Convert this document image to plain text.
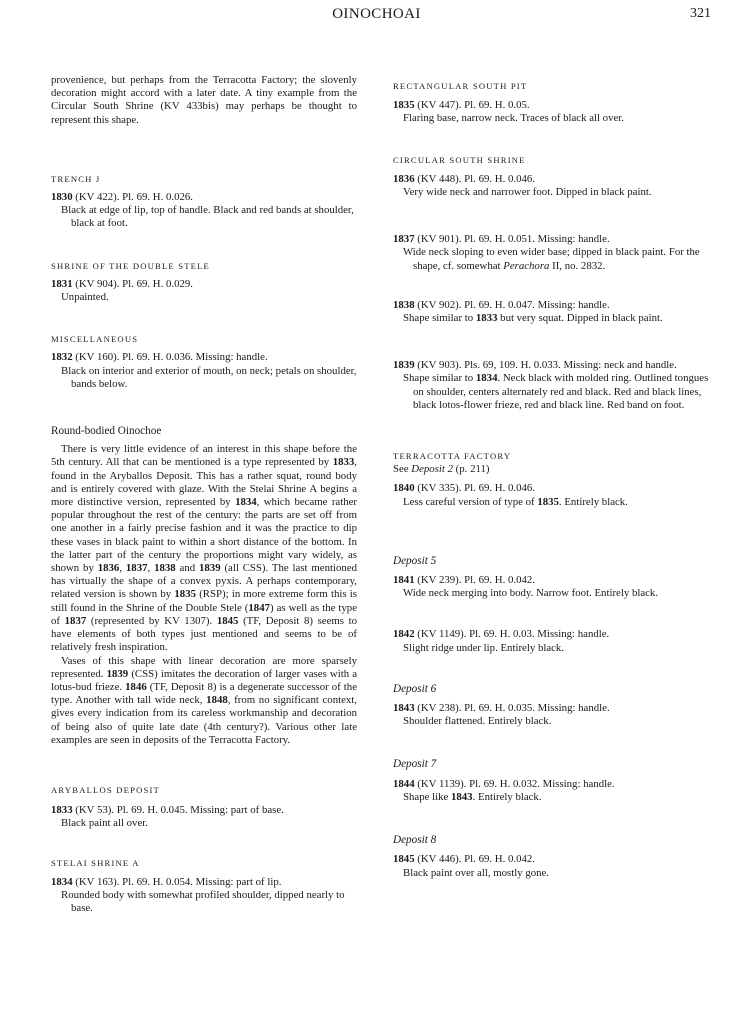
OINOCHOAI	321
provenience, but perhaps from the Terracotta Factory; the slovenly decoration might accord with a later date. A tiny example from the Circular South Shrine (KV 433bis) may perhaps be thought to represent this shape.
TRENCH J
1830 (KV 422). Pl. 69. H. 0.026.
Black at edge of lip, top of handle. Black and red bands at shoulder, black at foot.
SHRINE OF THE DOUBLE STELE
1831 (KV 904). Pl. 69. H. 0.029.
Unpainted.
MISCELLANEOUS
1832 (KV 160). Pl. 69. H. 0.036. Missing: handle.
Black on interior and exterior of mouth, on neck; petals on shoulder, bands below.
Round-bodied Oinochoe
There is very little evidence of an interest in this shape before the 5th century. All that can be mentioned is a type represented by 1833, found in the Aryballos Deposit. This has a rather squat, round body and is entirely covered with glaze. With the Stelai Shrine A begins a more distinctive version, represented by 1834, which became rather popular throughout the rest of the century: the parts are set off from one another in a fairly precise fashion and it was the practice to dip these vases in black paint to within a short distance of the bottom. In the latter part of the century the proportions might vary widely, as shown by 1836, 1837, 1838 and 1839 (all CSS). The last mentioned has virtually the shape of a convex pyxis. A perhaps contemporary, related version is shown by 1835 (RSP); in more extreme form this is still found in the Shrine of the Double Stele (1847) as well as the type of 1837 (represented by KV 1307). 1845 (TF, Deposit 8) seems to have elements of both types just mentioned and seems to be of relatively fresh inspiration.
Vases of this shape with linear decoration are more sparsely represented. 1839 (CSS) imitates the decoration of larger vases with a lotus-bud frieze. 1846 (TF, Deposit 8) is a degenerate successor of the type. Another with tall wide neck, 1848, from no significant context, gives every indication from its careless workmanship and decoration of being also of quite late date (4th century?). Various other late examples are seen in deposits of the Terracotta Factory.
ARYBALLOS DEPOSIT
1833 (KV 53). Pl. 69. H. 0.045. Missing: part of base.
Black paint all over.
STELAI SHRINE A
1834 (KV 163). Pl. 69. H. 0.054. Missing: part of lip.
Rounded body with somewhat profiled shoulder, dipped nearly to base.
RECTANGULAR SOUTH PIT
1835 (KV 447). Pl. 69. H. 0.05.
Flaring base, narrow neck. Traces of black all over.
CIRCULAR SOUTH SHRINE
1836 (KV 448). Pl. 69. H. 0.046.
Very wide neck and narrower foot. Dipped in black paint.
1837 (KV 901). Pl. 69. H. 0.051. Missing: handle.
Wide neck sloping to even wider base; dipped in black paint. For the shape, cf. somewhat Perachora II, no. 2832.
1838 (KV 902). Pl. 69. H. 0.047. Missing: handle.
Shape similar to 1833 but very squat. Dipped in black paint.
1839 (KV 903). Pls. 69, 109. H. 0.033. Missing: neck and handle.
Shape similar to 1834. Neck black with molded ring. Outlined tongues on shoulder, centers alternately red and black. Red and black lines, black lotos-flower frieze, red and black line. Red band on foot.
TERRACOTTA FACTORY
See Deposit 2 (p. 211)
1840 (KV 335). Pl. 69. H. 0.046.
Less careful version of type of 1835. Entirely black.
Deposit 5
1841 (KV 239). Pl. 69. H. 0.042.
Wide neck merging into body. Narrow foot. Entirely black.
1842 (KV 1149). Pl. 69. H. 0.03. Missing: handle.
Slight ridge under lip. Entirely black.
Deposit 6
1843 (KV 238). Pl. 69. H. 0.035. Missing: handle.
Shoulder flattened. Entirely black.
Deposit 7
1844 (KV 1139). Pl. 69. H. 0.032. Missing: handle.
Shape like 1843. Entirely black.
Deposit 8
1845 (KV 446). Pl. 69. H. 0.042.
Black paint over all, mostly gone.
